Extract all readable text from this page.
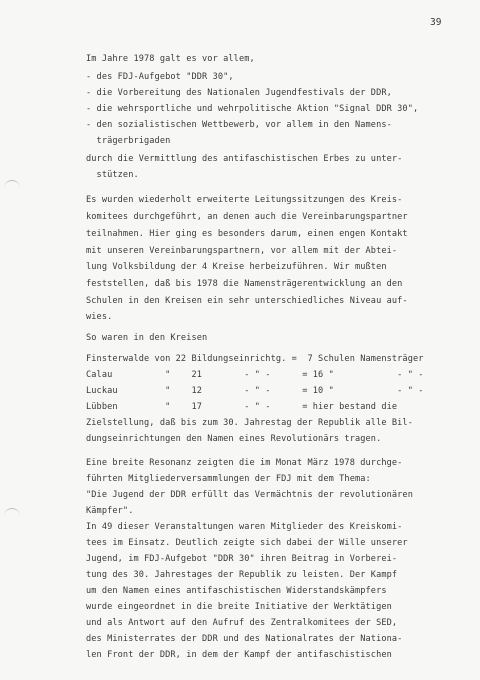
39
Im Jahre 1978 galt es vor allem,
- des FDJ-Aufgebot "DDR 30",
- die Vorbereitung des Nationalen Jugendfestivals der DDR,
- die wehrsportliche und wehrpolitische Aktion "Signal DDR 30",
- den sozialistischen Wettbewerb, vor allem in den Namens-
trägerbrigaden
durch die Vermittlung des antifaschistischen Erbes zu unter-
stützen.
Es wurden wiederholt erweiterte Leitungssitzungen des Kreis-
komitees durchgeführt, an denen auch die Vereinbarungspartner
teilnahmen. Hier ging es besonders darum, einen engen Kontakt
mit unseren Vereinbarungspartnern, vor allem mit der Abtei-
lung Volksbildung der 4 Kreise herbeizuführen. Wir mußten
feststellen, daß bis 1978 die Namensträgerentwicklung an den
Schulen in den Kreisen ein sehr unterschiedliches Niveau auf-
wies.
So waren in den Kreisen
Finsterwalde von 22 Bildungseinrichtg. =  7 Schulen Namensträger
Calau          "    21        - " -      = 16 "            - " -
Luckau         "    12        - " -      = 10 "            - " -
Lübben         "    17        - " -      = hier bestand die
Zielstellung, daß bis zum 30. Jahrestag der Republik alle Bil-
dungseinrichtungen den Namen eines Revolutionärs tragen.
Eine breite Resonanz zeigten die im Monat März 1978 durchge-
führten Mitgliederversammlungen der FDJ mit dem Thema:
"Die Jugend der DDR erfüllt das Vermächtnis der revolutionären
Kämpfer".
In 49 dieser Veranstaltungen waren Mitglieder des Kreiskomi-
tees im Einsatz. Deutlich zeigte sich dabei der Wille unserer
Jugend, im FDJ-Aufgebot "DDR 30" ihren Beitrag in Vorberei-
tung des 30. Jahrestages der Republik zu leisten. Der Kampf
um den Namen eines antifaschistischen Widerstandskämpfers
wurde eingeordnet in die breite Initiative der Werktätigen
und als Antwort auf den Aufruf des Zentralkomitees der SED,
des Ministerrates der DDR und des Nationalrates der Nationa-
len Front der DDR, in dem der Kampf der antifaschistischen
